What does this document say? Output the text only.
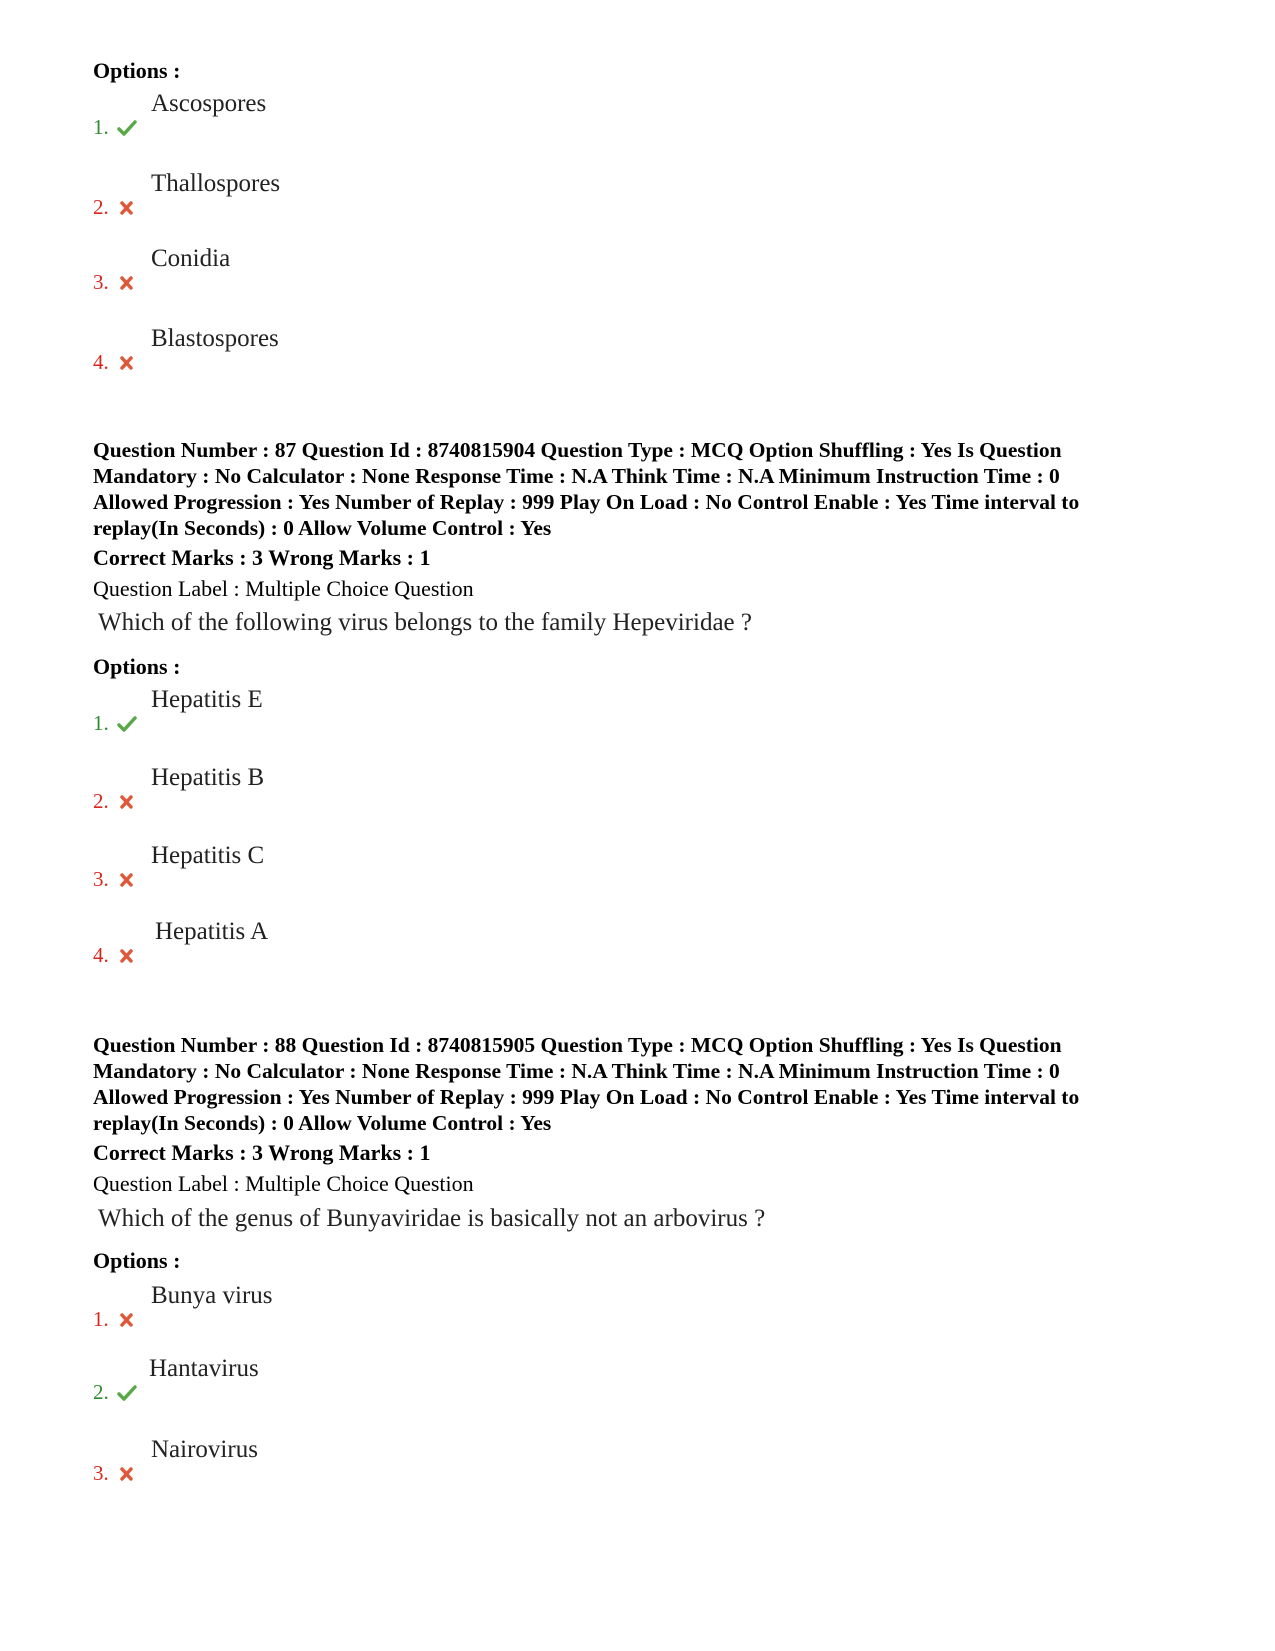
Options :
1.
Ascospores
2.
Thallospores
3.
Conidia
4.
Blastospores
Question Number : 87 Question Id : 8740815904 Question Type : MCQ Option Shuffling : Yes Is Question
Mandatory : No Calculator : None Response Time : N.A Think Time : N.A Minimum Instruction Time : 0
Allowed Progression : Yes Number of Replay : 999 Play On Load : No Control Enable : Yes Time interval to
replay(In Seconds) : 0 Allow Volume Control : Yes
Correct Marks : 3 Wrong Marks : 1
Question Label : Multiple Choice Question
Which of the following virus belongs to the family Hepeviridae ?
Options :
1.
Hepatitis E
2.
Hepatitis B
3.
Hepatitis C
4.
Hepatitis A
Question Number : 88 Question Id : 8740815905 Question Type : MCQ Option Shuffling : Yes Is Question
Mandatory : No Calculator : None Response Time : N.A Think Time : N.A Minimum Instruction Time : 0
Allowed Progression : Yes Number of Replay : 999 Play On Load : No Control Enable : Yes Time interval to
replay(In Seconds) : 0 Allow Volume Control : Yes
Correct Marks : 3 Wrong Marks : 1
Question Label : Multiple Choice Question
Which of the genus of Bunyaviridae is basically not an arbovirus ?
Options :
1.
Bunya virus
2.
Hantavirus
3.
Nairovirus
